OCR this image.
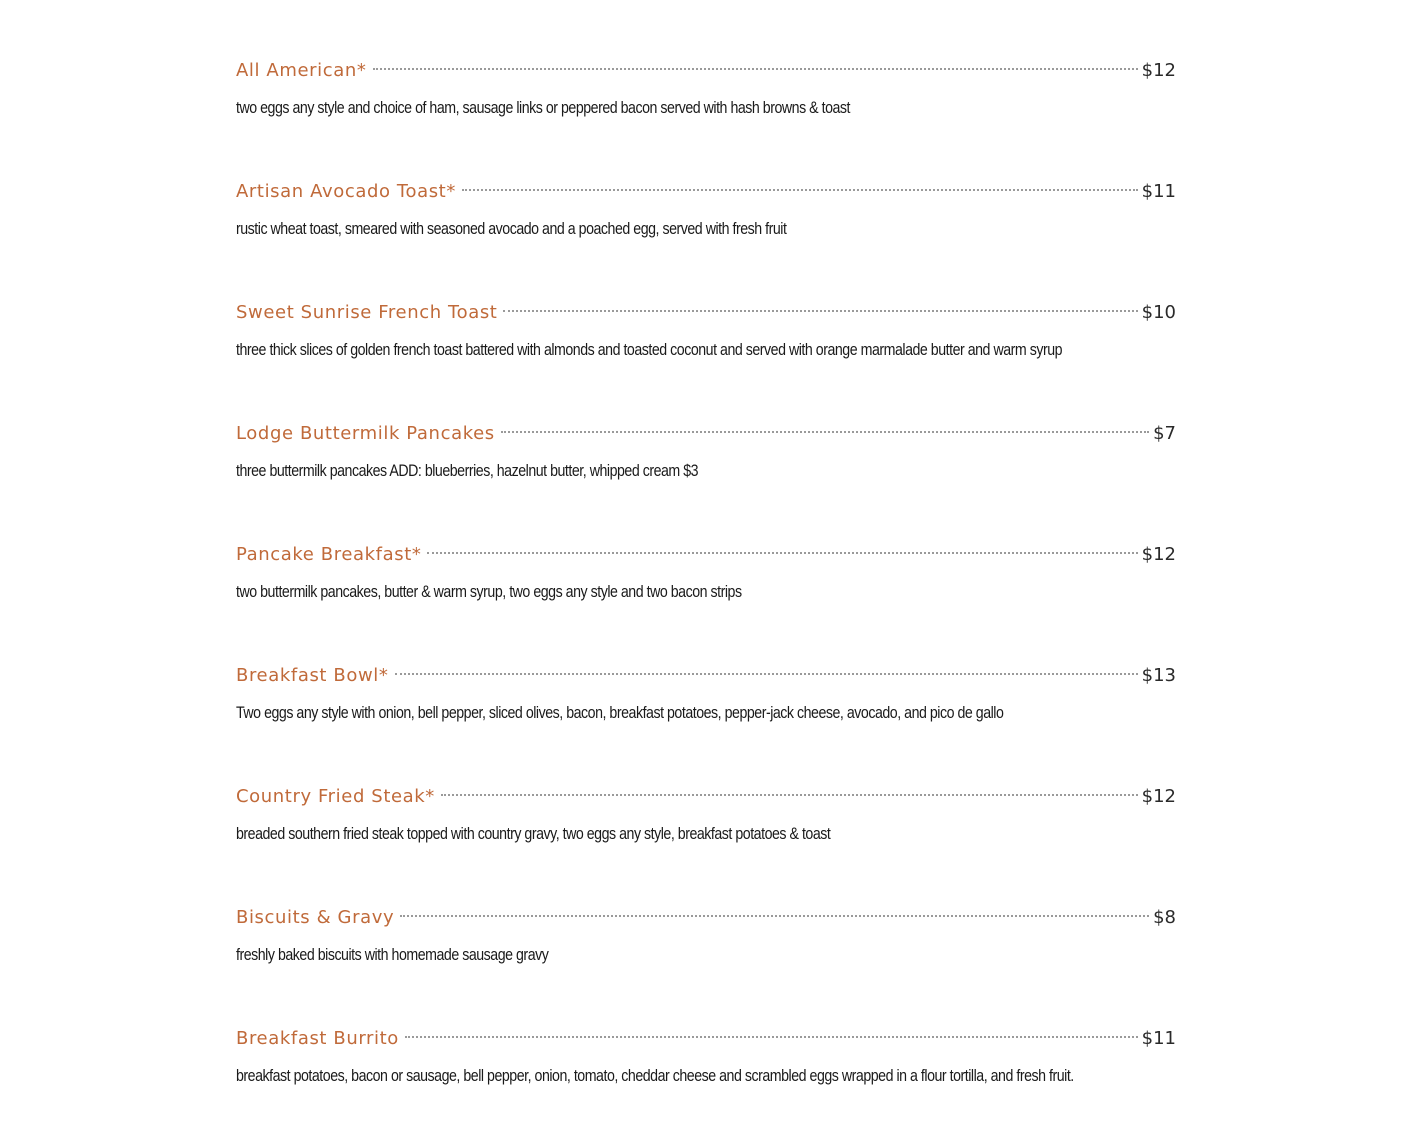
All American*	$12
two eggs any style and choice of ham, sausage links or peppered bacon served with hash browns & toast
Artisan Avocado Toast*	$11
rustic wheat toast, smeared with seasoned avocado and a poached egg, served with fresh fruit
Sweet Sunrise French Toast	$10
three thick slices of golden french toast battered with almonds and toasted coconut and served with orange marmalade butter and warm syrup
Lodge Buttermilk Pancakes	$7
three buttermilk pancakes ADD: blueberries, hazelnut butter, whipped cream $3
Pancake Breakfast*	$12
two buttermilk pancakes, butter & warm syrup, two eggs any style and two bacon strips
Breakfast Bowl*	$13
Two eggs any style with onion, bell pepper, sliced olives, bacon, breakfast potatoes, pepper-jack cheese, avocado, and pico de gallo
Country Fried Steak*	$12
breaded southern fried steak topped with country gravy, two eggs any style, breakfast potatoes & toast
Biscuits & Gravy	$8
freshly baked biscuits with homemade sausage gravy
Breakfast Burrito	$11
breakfast potatoes, bacon or sausage, bell pepper, onion, tomato, cheddar cheese and scrambled eggs wrapped in a flour tortilla, and fresh fruit.
